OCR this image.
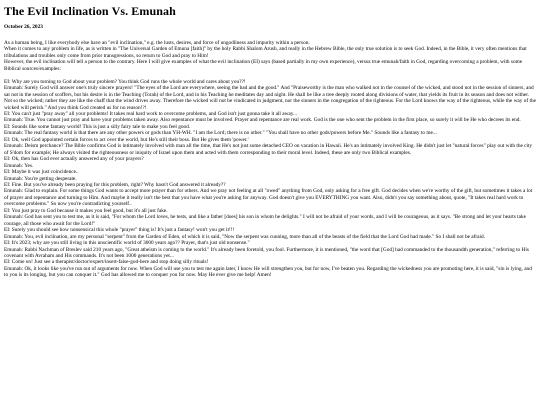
The Evil Inclination Vs. Emunah
October 26, 2023

As a human being, I like everybody else have an "evil inclination," e.g. the lusts, desires, and force of ungodliness and impurity within a person.

When it comes to any problem in life, as is written in "The Universal Garden of Emuna [faith]" by the holy Rabbi Shalom Arush, and really in the Hebrew Bible, the only true solution is to seek God. Indeed, in the Bible, it very often mentions that tribulations and troubles only come from prior transgressions, so return to God and pray to Him!

However, the evil inclination will tell a person to the contrary. Here I will give examples of what the evil inclination (EI) says (based partially in my own experience), versus true emunah/faith in God, regarding overcoming a problem, with some Biblical sources/examples:

EI: Why are you turning to God about your problem? You think God runs the whole world and cares about you??!

Emunah: Surely God will answer one's truly sincere prayers! "The eyes of the Lord are everywhere, seeing the bad and the good." And "Praiseworthy is the man who walked not in the counsel of the wicked, and stood not in the session of sinners, and sat not in the session of scoffers, but his desire is in the Teaching (Torah) of the Lord, and in his Teaching he meditates day and night. He shall be like a tree deeply rooted along divisions of water, that yields its fruit in its season and does not wither. Not so the wicked; rather they are like the chaff that the wind drives away. Therefore the wicked will not be vindicated in judgment, nor the sinners in the congregation of the righteous. For the Lord knows the way of the righteous, while the way of the wicked will perish." And you think God created us for no reason!?!

EI: You can't just "pray away" all your problems! It takes real hard work to overcome problems, and God isn't just gonna take it all away...

Emunah: True. You cannot just pray and have your problems taken away. Also repentance must be involved. Prayer and repentance are real work. God is the one who sent the problem in the first place, so surely it will be He who decrees its end.

EI: Sounds like some fantasy world! This is just a silly fairy tale to make you feel good.

Emunah: The real fantasy world is that there are any other powers or gods than YH-WH. "I am the Lord; there is no other." "You shall have no other gods/powers before Me." Sounds like a fantasy to me...

EI: Ok, well God appointed certain forces to act over the world, but He's still their boss. But He gives them 'power.'

Emunah: Deism perchance? The Bible confirms God is intimately involved with man all the time, that He's not just some detached CEO on vacation in Hawaii. He's an intimately involved King. He didn't just let "natural forces" play out with the city of S'dom for example; He always visited the righteousness or iniquity of Israel upon them and acted with them corresponding to their moral level. Indeed, these are only two Biblical examples.

EI: Ok, then has God ever actually answered any of your prayers?

Emunah: Yes.

EI: Maybe it was just coincidence..

Emunah: You're getting desperate.

EI: Fine. But you've already been praying for this problem, right? Why hasn't God answered it already??

Emunah: Glad to explain. For some things God wants to accept more prayer than for others. And we pray not feeling at all "owed" anything from God, only asking for a free gift. God decides when we're worthy of the gift, but sometimes it takes a lot of prayer and repentance and turning to Him. And maybe it really isn't the best that you have what you're asking for anyway. God doesn't give you EVERYTHING you want. Also, didn't you say something about, quote, "It takes real hard work to overcome problems." So now you're contradicting yourself..

EI: You just pray to God because it makes you feel good, but it's all just fake.

Emunah: God has sent you to test me, as it is said, "For whom the Lord loves, he tests, and like a father [does] his son in whom he delights." I will not be afraid of your words, and I will be courageous, as it says. "Be strong and let your hearts take courage, all those who await for the Lord!"

EI: Surely you should see how nonsensical this whole "prayer" thing is! It's just a fantasy! won't you get it!!!

Emunah: You, evil inclination, are my personal "serpent" from the Garden of Eden, of which it is said, "Now the serpent was cunning, more than all of the beasts of the field that the Lord God had made." So I shall not be afraid.

EI: It's 2023; why are you still living in this unscientific world of 3000 years ago?? Prayer, that's just old nonsense."

Emunah: Rabbi Nachman of Breslev said 210 years ago, "Great atheism is coming to the world." It's already been foretold, you fool. Furthermore, it is mentioned, "the word that [God] had commanded to the thousandth generation," referring to His covenant with Avraham and His commands. It's not been 1000 generations yet...

EI: Come on! Just see a therapist/doctor/expert/insert-false-god-here and stop doing silly rituals!

Emunah: Ok, it looks like you've run out of arguments for now. When God will use you to test me again later, I know He will strengthen you, but for now, I've beaten you. Regarding the wickedness you are promoting here, it is said, "sin is lying, and to you is its longing, but you can conquer it." God has allowed me to conquer you for now. May He ever give me help! Amen!
